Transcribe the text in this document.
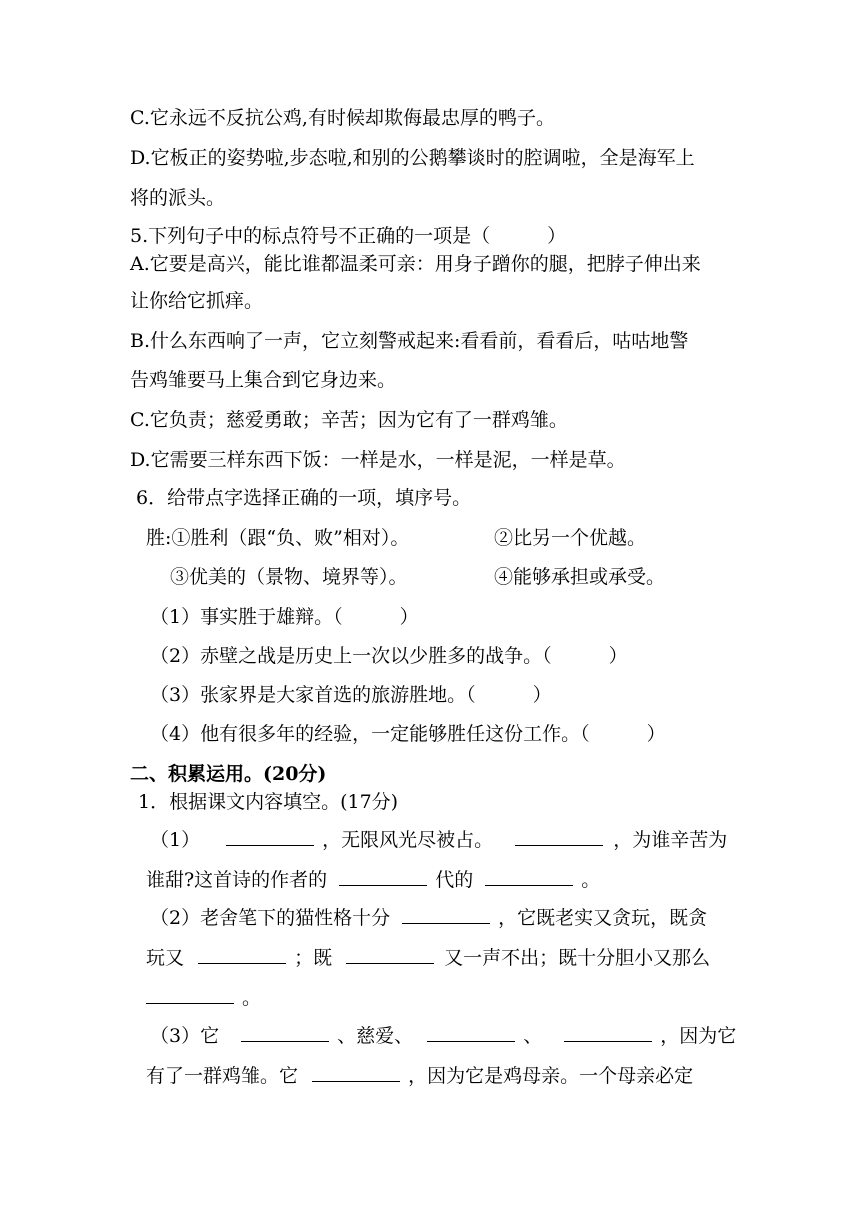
C.它永远不反抗公鸡,有时候却欺侮最忠厚的鸭子。
D.它板正的姿势啦,步态啦,和别的公鹅攀谈时的腔调啦，全是海军上
将的派头。
5.下列句子中的标点符号不正确的一项是（　　　）
A.它要是高兴，能比谁都温柔可亲：用身子蹭你的腿，把脖子伸出来
让你给它抓痒。
B.什么东西响了一声，它立刻警戒起来:看看前，看看后，咕咕地警
告鸡雏要马上集合到它身边来。
C.它负责；慈爱勇敢；辛苦；因为它有了一群鸡雏。
D.它需要三样东西下饭：一样是水，一样是泥，一样是草。
6．给带点字选择正确的一项，填序号。
胜:①胜利（跟“负、败”相对）。	②比另一个优越。
③优美的（景物、境界等）。	④能够承担或承受。
（1）事实胜于雄辩。（　　　）
（2）赤壁之战是历史上一次以少胜多的战争。（　　　）
（3）张家界是大家首选的旅游胜地。（　　　）
（4）他有很多年的经验，一定能够胜任这份工作。（　　　）
二、积累运用。(20分)
1．根据课文内容填空。(17分)
（1）	，无限风光尽被占。	，为谁辛苦为
谁甜?这首诗的作者的	代的	。
（2）老舍笔下的猫性格十分	，它既老实又贪玩，既贪
玩又	；既	又一声不出；既十分胆小又那么
。
（3）它	、慈爱、	、	，因为它
有了一群鸡雏。它	，因为它是鸡母亲。一个母亲必定
